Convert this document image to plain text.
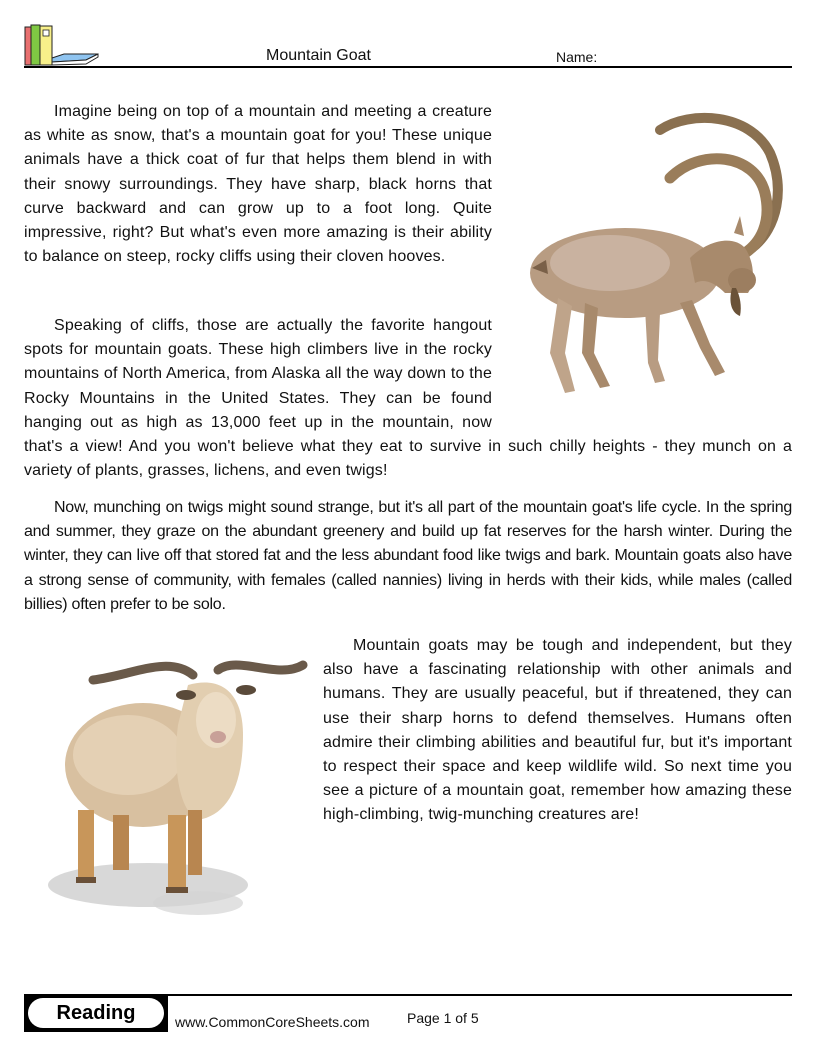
Mountain Goat	Name:

Imagine being on top of a mountain and meeting a creature as white as snow, that's a mountain goat for you! These unique animals have a thick coat of fur that helps them blend in with their snowy surroundings. They have sharp, black horns that curve backward and can grow up to a foot long. Quite impressive, right? But what's even more amazing is their ability to balance on steep, rocky cliffs using their cloven hooves.

Speaking of cliffs, those are actually the favorite hangout spots for mountain goats. These high climbers live in the rocky mountains of North America, from Alaska all the way down to the Rocky Mountains in the United States. They can be found hanging out as high as 13,000 feet up in the mountain, now that's a view! And you won't believe what they eat to survive in such chilly heights - they munch on a variety of plants, grasses, lichens, and even twigs!

Now, munching on twigs might sound strange, but it's all part of the mountain goat's life cycle. In the spring and summer, they graze on the abundant greenery and build up fat reserves for the harsh winter. During the winter, they can live off that stored fat and the less abundant food like twigs and bark. Mountain goats also have a strong sense of community, with females (called nannies) living in herds with their kids, while males (called billies) often prefer to be solo.

Mountain goats may be tough and independent, but they also have a fascinating relationship with other animals and humans. They are usually peaceful, but if threatened, they can use their sharp horns to defend themselves. Humans often admire their climbing abilities and beautiful fur, but it's important to respect their space and keep wildlife wild. So next time you see a picture of a mountain goat, remember how amazing these high-climbing, twig-munching creatures are!

Reading	www.CommonCoreSheets.com	Page 1 of 5
